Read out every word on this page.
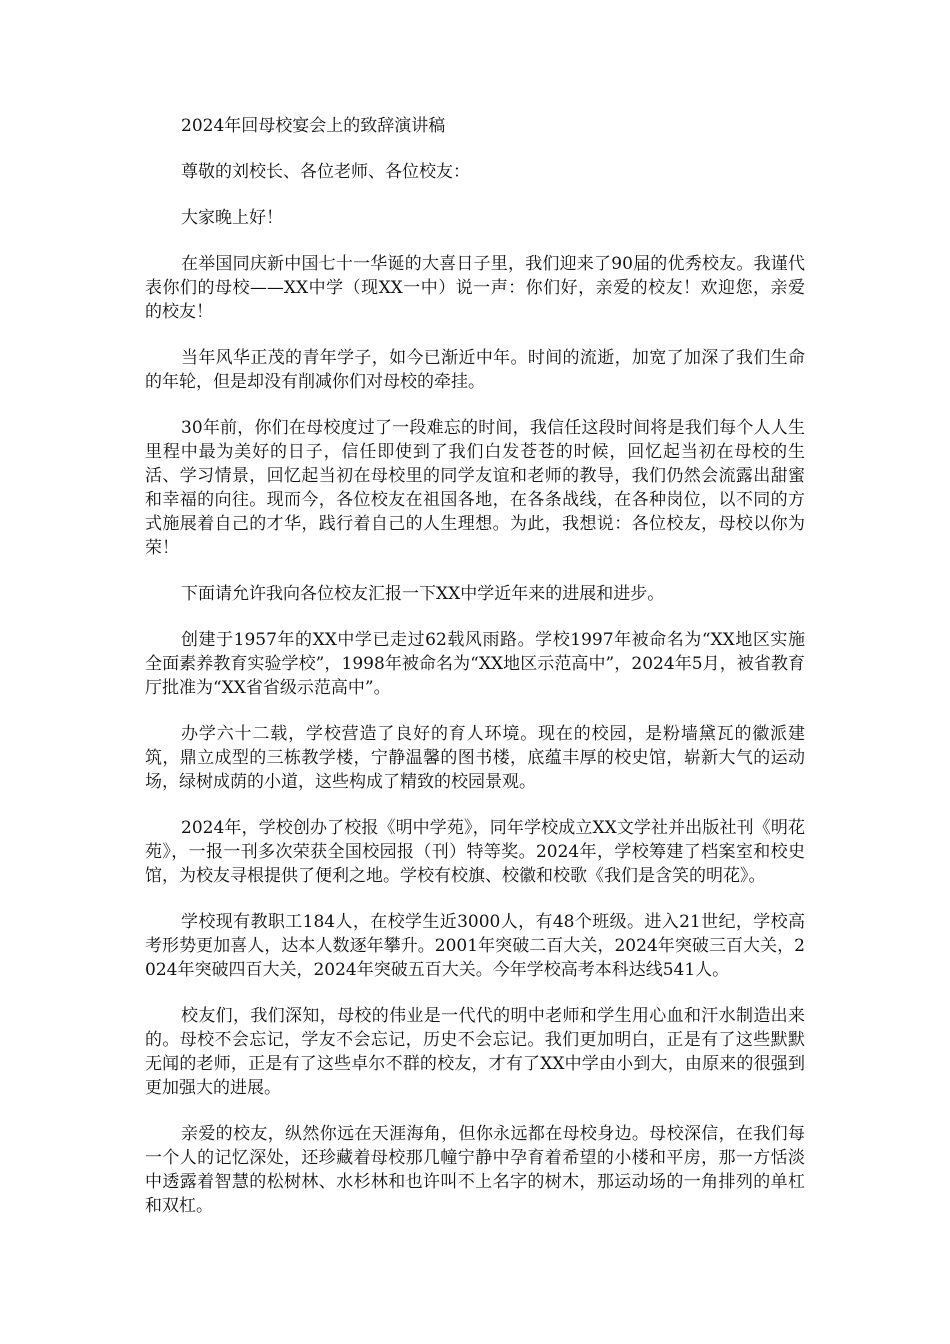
2024年回母校宴会上的致辞演讲稿

尊敬的刘校长、各位老师、各位校友：

大家晚上好！

在举国同庆新中国七十一华诞的大喜日子里，我们迎来了90届的优秀校友。我谨代表你们的母校——XX中学（现XX一中）说一声：你们好，亲爱的校友！欢迎您，亲爱的校友！

当年风华正茂的青年学子，如今已渐近中年。时间的流逝，加宽了加深了我们生命的年轮，但是却没有削减你们对母校的牵挂。

30年前，你们在母校度过了一段难忘的时间，我信任这段时间将是我们每个人人生里程中最为美好的日子，信任即使到了我们白发苍苍的时候，回忆起当初在母校的生活、学习情景，回忆起当初在母校里的同学友谊和老师的教导，我们仍然会流露出甜蜜和幸福的向往。现而今，各位校友在祖国各地，在各条战线，在各种岗位，以不同的方式施展着自己的才华，践行着自己的人生理想。为此，我想说：各位校友，母校以你为荣！

下面请允许我向各位校友汇报一下XX中学近年来的进展和进步。

创建于1957年的XX中学已走过62载风雨路。学校1997年被命名为“XX地区实施全面素养教育实验学校”，1998年被命名为“XX地区示范高中”，2024年5月，被省教育厅批准为“XX省省级示范高中”。

办学六十二载，学校营造了良好的育人环境。现在的校园，是粉墙黛瓦的徽派建筑，鼎立成型的三栋教学楼，宁静温馨的图书楼，底蕴丰厚的校史馆，崭新大气的运动场，绿树成荫的小道，这些构成了精致的校园景观。

2024年，学校创办了校报《明中学苑》，同年学校成立XX文学社并出版社刊《明花苑》，一报一刊多次荣获全国校园报（刊）特等奖。2024年，学校筹建了档案室和校史馆，为校友寻根提供了便利之地。学校有校旗、校徽和校歌《我们是含笑的明花》。

学校现有教职工184人，在校学生近3000人，有48个班级。进入21世纪，学校高考形势更加喜人，达本人数逐年攀升。2001年突破二百大关，2024年突破三百大关，2024年突破四百大关，2024年突破五百大关。今年学校高考本科达线541人。

校友们，我们深知，母校的伟业是一代代的明中老师和学生用心血和汗水制造出来的。母校不会忘记，学友不会忘记，历史不会忘记。我们更加明白，正是有了这些默默无闻的老师，正是有了这些卓尔不群的校友，才有了XX中学由小到大，由原来的很强到更加强大的进展。

亲爱的校友，纵然你远在天涯海角，但你永远都在母校身边。母校深信，在我们每一个人的记忆深处，还珍藏着母校那几幢宁静中孕育着希望的小楼和平房，那一方恬淡中透露着智慧的松树林、水杉林和也许叫不上名字的树木，那运动场的一角排列的单杠和双杠。
